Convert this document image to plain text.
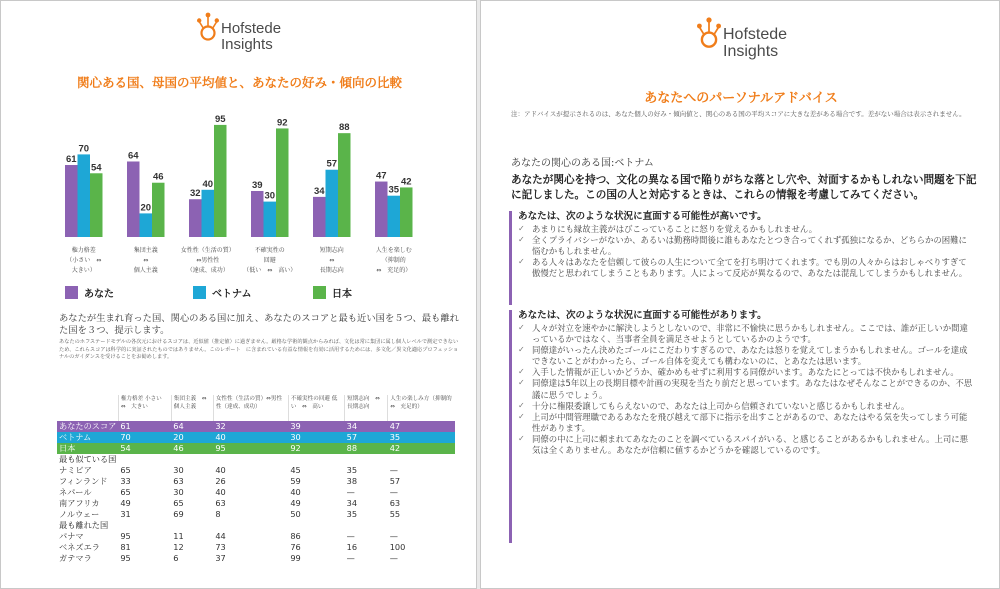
Hofstede
Insights
関心ある国、母国の平均値と、あなたの好み・傾向の比較
61	64
32
39
34
47
70
20
40
30
57
35
54
46
95	92	88
42
権力格差
（小さい　⇔
大きい）
集団主義
⇔
個人主義
女性性（生活の質）
⇔男性性
（達成、成功）
不確実性の
回避
（低い　⇔　高い）
短期志向
⇔
長期志向
人生を楽しむ
（抑制的
⇔　充足的）
あなた	ベトナム	日本
あなたが生まれ育った国、関心のある国に加え、あなたのスコアと最も近い国を５つ、最も離れた国を３つ、提示します。
あなたのホフステードモデルの各次元におけるスコアは、近似値（推定値）に過ぎません。厳格な学術的観点からみれば、文化は常に集団に属し個人レベルで測定できないため、これらスコアは科学的に実証されたものではありません。このレポート　に含まれている有益な情報を有効に活用するためには、多文化／異文化適応プロフェッショナルのガイダンスを受けることをお勧めします。
	権力格差 小さい　⇔　大きい	集団主義　⇔個人主義	女性性（生活の質）⇔男性性（達成、成功）	不確実性の回避 低い　⇔　高い	短期志向　⇔ 長期志向	人生の楽しみ方（抑制的 ⇔　充足的）
あなたのスコア	61	64	32	39	34	47
ベトナム	70	20	40	30	57	35
日本	54	46	95	92	88	42
最も似ている国						
ナミビア	65	30	40	45	35	—
フィンランド	33	63	26	59	38	57
ネパール	65	30	40	40	—	—
南アフリカ	49	65	63	49	34	63
ノルウェー	31	69	8	50	35	55
最も離れた国						
パナマ	95	11	44	86	—	—
ベネズエラ	81	12	73	76	16	100
ガテマラ	95	6	37	99	—	—
Hofstede
Insights
あなたへのパーソナルアドバイス
注：アドバイスが提示されるのは、あなた個人の好み・傾向値と、関心のある国の平均スコアに大きな差がある場合です。差がない場合は表示されません。
あなたの関心のある国:ベトナム
あなたが関心を持つ、文化の異なる国で陥りがちな落とし穴や、対面するかもしれない問題を下記に記しました。この国の人と対応するときは、これらの情報を考慮してみてください。
あなたは、次のような状況に直面する可能性が高いです。
✓ あまりにも縁故主義がはびこっていることに怒りを覚えるかもしれません。
✓ 全くプライバシーがないか、あるいは勤務時間後に誰もあなたとつき合ってくれず孤独になるか、どちらかの困難に悩むかもしれません。
✓ ある人々はあなたを信頼して彼らの人生について全てを打ち明けてくれます。でも別の人々からはおしゃべりすぎて傲慢だと思われてしまうこともあります。人によって反応が異なるので、あなたは混乱してしまうかもしれません。
あなたは、次のような状況に直面する可能性があります。
✓ 人々が対立を速やかに解決しようとしないので、非常に不愉快に思うかもしれません。ここでは、誰が正しいか間違っているかではなく、当事者全員を満足させようとしているかのようです。
✓ 同僚達がいったん決めたゴールにこだわりすぎるので、あなたは怒りを覚えてしまうかもしれません。ゴールを達成できないことがわかったら、ゴール自体を変えても構わないのに、とあなたは思います。
✓ 入手した情報が正しいかどうか、確かめもせずに利用する同僚がいます。あなたにとっては不快かもしれません。
✓ 同僚達は5年以上の長期目標や計画の実現を当たり前だと思っています。あなたはなぜそんなことができるのか、不思議に思うでしょう。
✓ 十分に権限委譲してもらえないので、あなたは上司から信頼されていないと感じるかもしれません。
✓ 上司が中間管理職であるあなたを飛び越えて部下に指示を出すことがあるので、あなたはやる気を失ってしまう可能性があります。
✓ 同僚の中に上司に頼まれてあなたのことを調べているスパイがいる、と感じることがあるかもしれません。上司に悪気は全くありません。あなたが信頼に値するかどうかを確認しているのです。
